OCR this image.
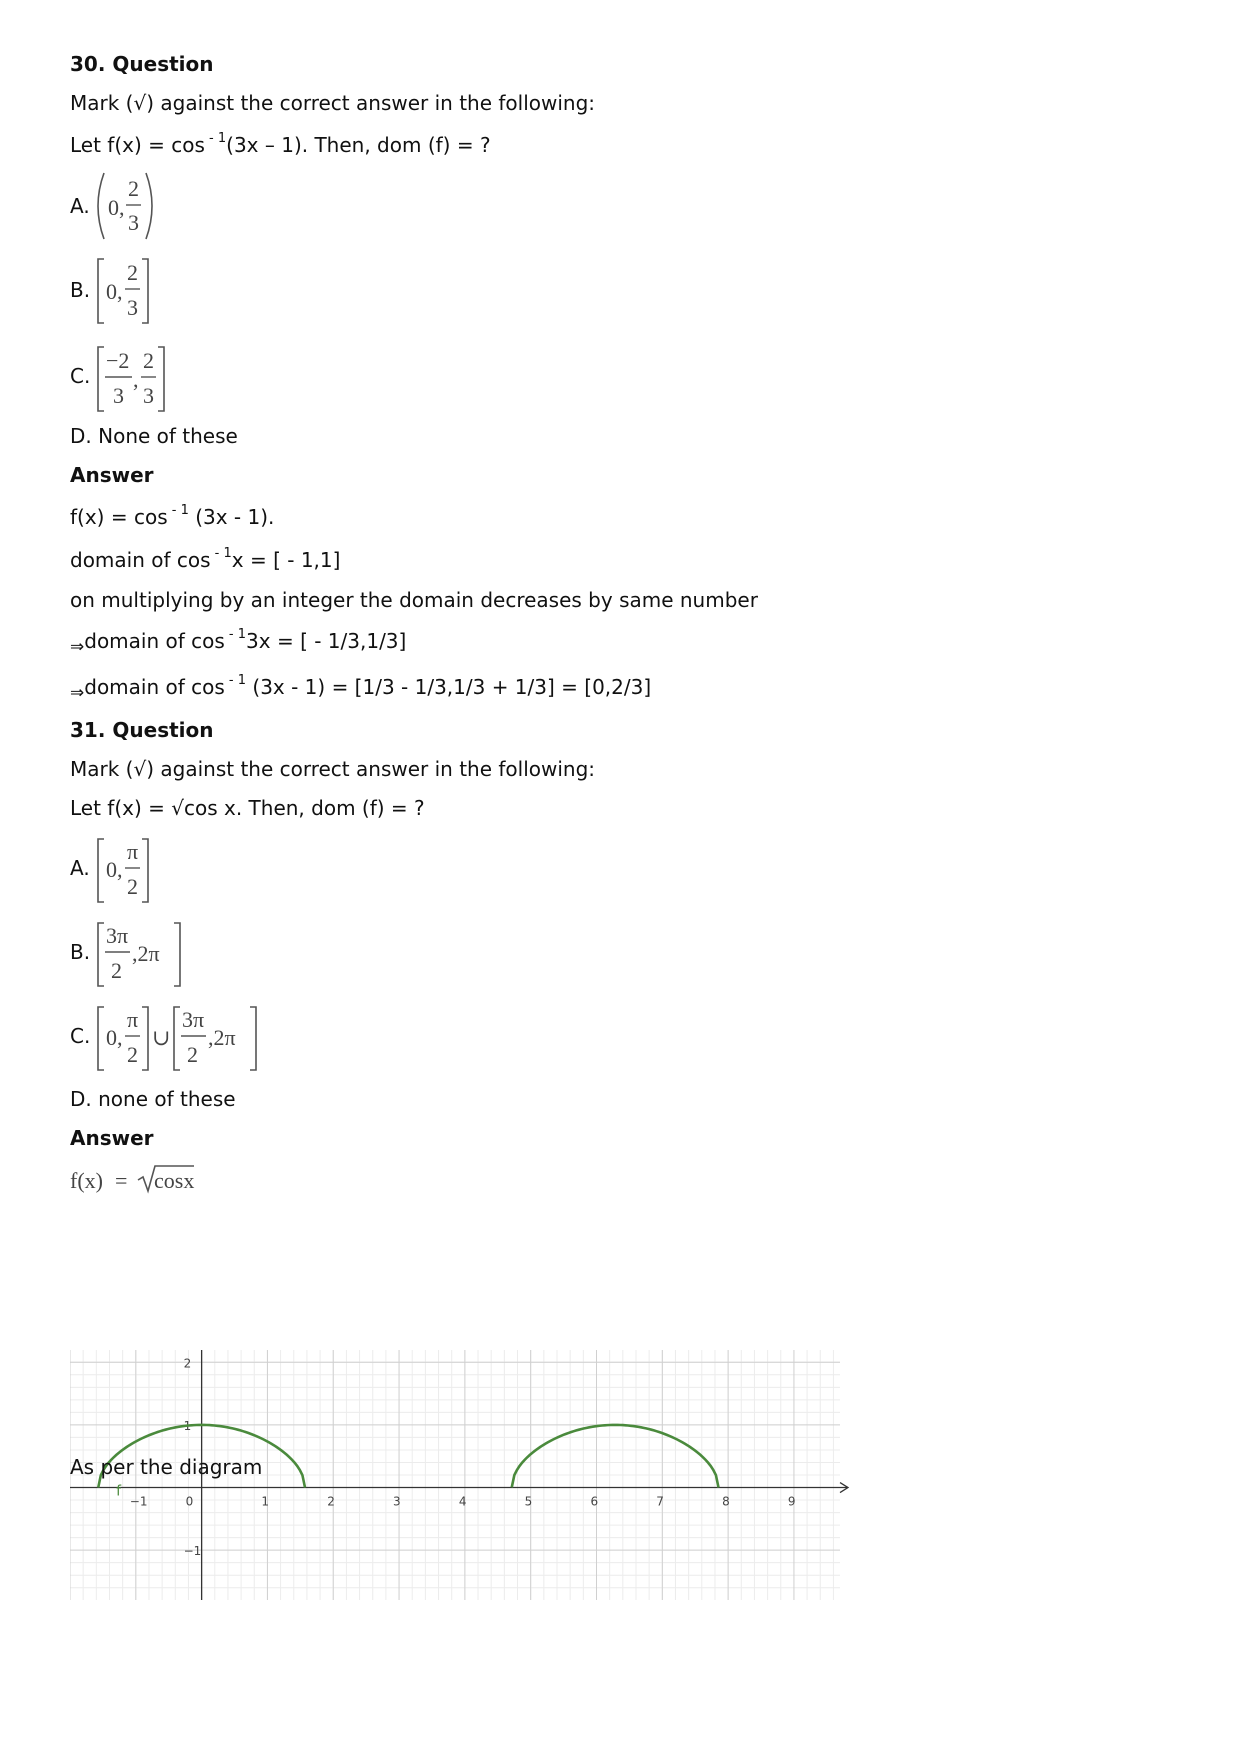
30. Question
Mark (√) against the correct answer in the following:
Let f(x) = cos $^{- 1}$(3x – 1). Then, dom (f) = ?
A. 0,
2
3
B. 0,
2
3
C.
−2
3
,
2
3
D. None of these
Answer
f(x) = cos $^{- 1}$ (3x - 1).
domain of cos $^{- 1}$x = [ - 1,1]
on multiplying by an integer the domain decreases by same number
⇒domain of cos $^{- 1}$3x = [ - 1/3,1/3]
⇒domain of cos $^{- 1}$ (3x - 1) = [1/3 - 1/3,1/3 + 1/3] = [0,2/3]
31. Question
Mark (√) against the correct answer in the following:
Let f(x) = √cos x. Then, dom (f) = ?
A. 0,
π
2
B.
3π
2
,2π
C. 0,
π
2
∪
3π
2
,2π
D. none of these
Answer
f(x) = cosx
−1	0	1	2	3	4	5	6	7	8	9
2
1
−1
f
As per the diagram
